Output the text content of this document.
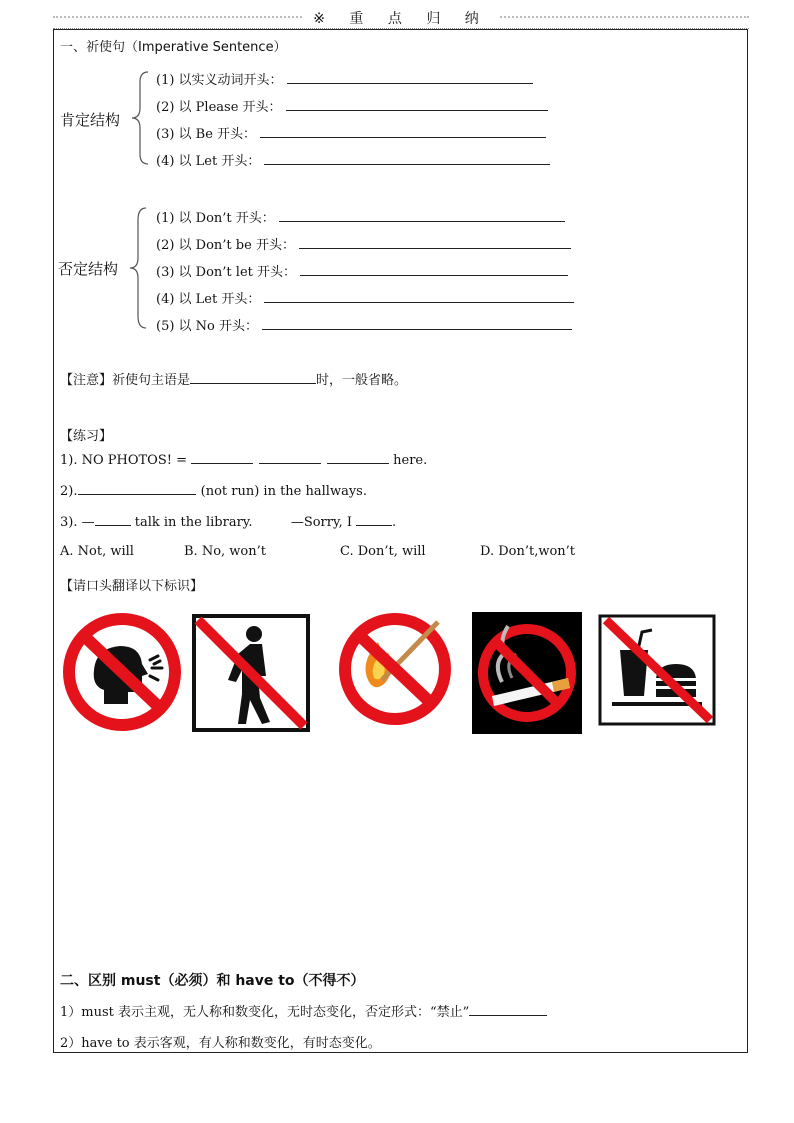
※ 重 点 归 纳
一、祈使句（Imperative Sentence）
肯定结构
(1) 以实义动词开头：
(2) 以 Please 开头：
(3) 以 Be 开头：
(4) 以 Let 开头：
否定结构
(1) 以 Don’t 开头：
(2) 以 Don’t be 开头：
(3) 以 Don’t let 开头：
(4) 以 Let 开头：
(5) 以 No 开头：
【注意】祈使句主语是	时，一般省略。
【练习】
1). NO PHOTOS! =	here.
2).	(not run) in the hallways.
3). —	talk in the library.	—Sorry, I	.
A. Not, will	B. No, won’t	C. Don’t, will	D. Don’t,won’t
【请口头翻译以下标识】
二、区别 must（必须）和 have to（不得不）
1）must 表示主观，无人称和数变化，无时态变化，否定形式：“禁止”
2）have to 表示客观，有人称和数变化，有时态变化。
